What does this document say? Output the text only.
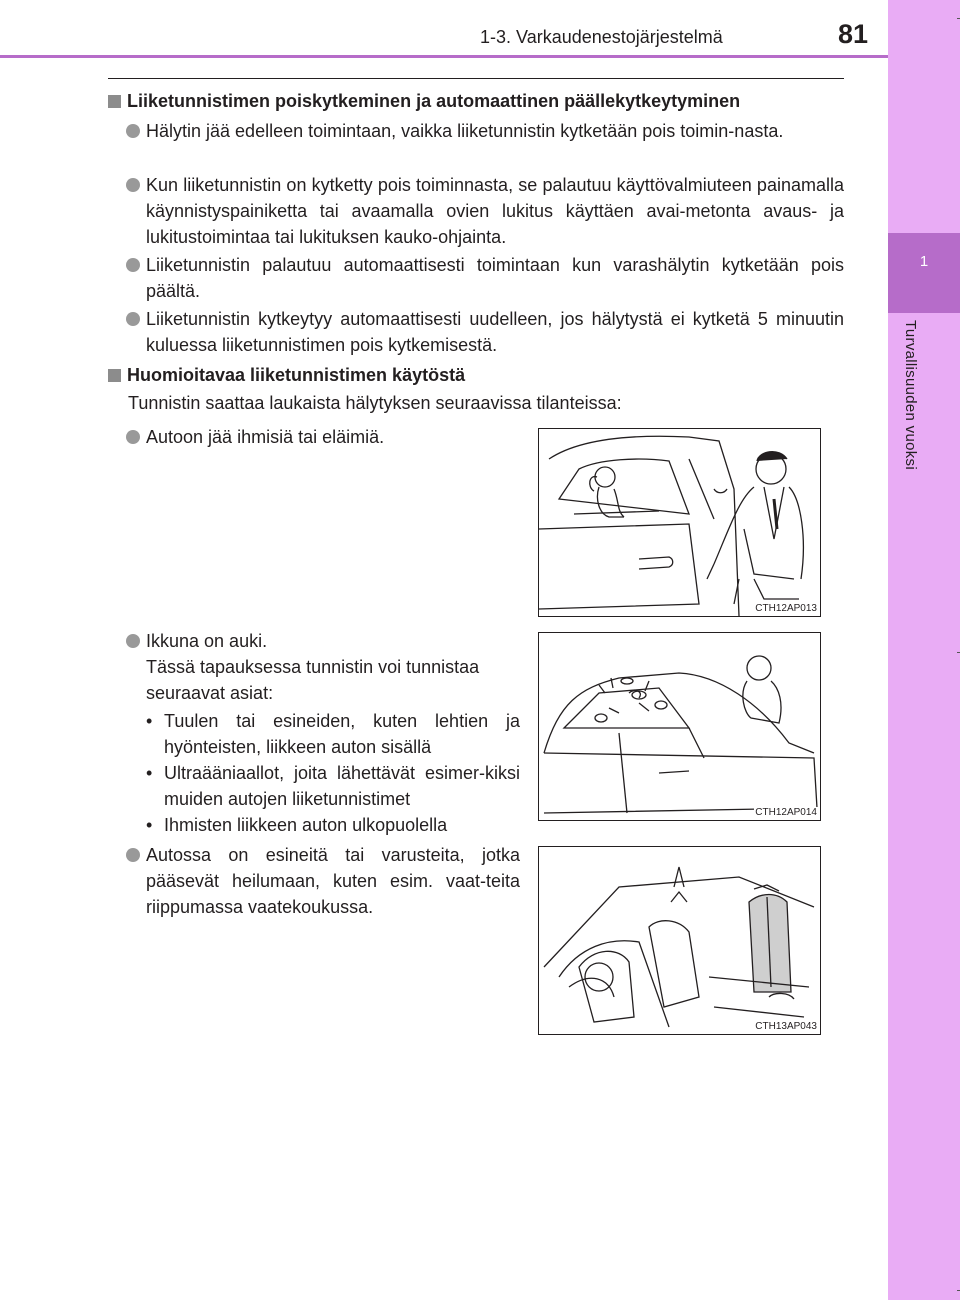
1
Turvallisuuden vuoksi
1-3. Varkaudenestojärjestelmä	81
Liiketunnistimen poiskytkeminen ja automaattinen päällekytkeytyminen
Hälytin jää edelleen toimintaan, vaikka liiketunnistin kytketään pois toimin-nasta.
Kun liiketunnistin on kytketty pois toiminnasta, se palautuu käyttövalmiuteen painamalla käynnistyspainiketta tai avaamalla ovien lukitus käyttäen avai-metonta avaus- ja lukitustoimintaa tai lukituksen kauko-ohjainta.
Liiketunnistin palautuu automaattisesti toimintaan kun varashälytin kytketään pois päältä.
Liiketunnistin kytkeytyy automaattisesti uudelleen, jos hälytystä ei kytketä 5 minuutin kuluessa liiketunnistimen pois kytkemisestä.
Huomioitavaa liiketunnistimen käytöstä
Tunnistin saattaa laukaista hälytyksen seuraavissa tilanteissa:
Autoon jää ihmisiä tai eläimiä.
Ikkuna on auki.
Tässä tapauksessa tunnistin voi tunnistaa seuraavat asiat:
• Tuulen tai esineiden, kuten lehtien ja hyönteisten, liikkeen auton sisällä
• Ultraääniaallot, joita lähettävät esimer-kiksi muiden autojen liiketunnistimet
• Ihmisten liikkeen auton ulkopuolella
Autossa on esineitä tai varusteita, jotka pääsevät heilumaan, kuten esim. vaat-teita riippumassa vaatekoukussa.
CTH12AP013
CTH12AP014
CTH13AP043
